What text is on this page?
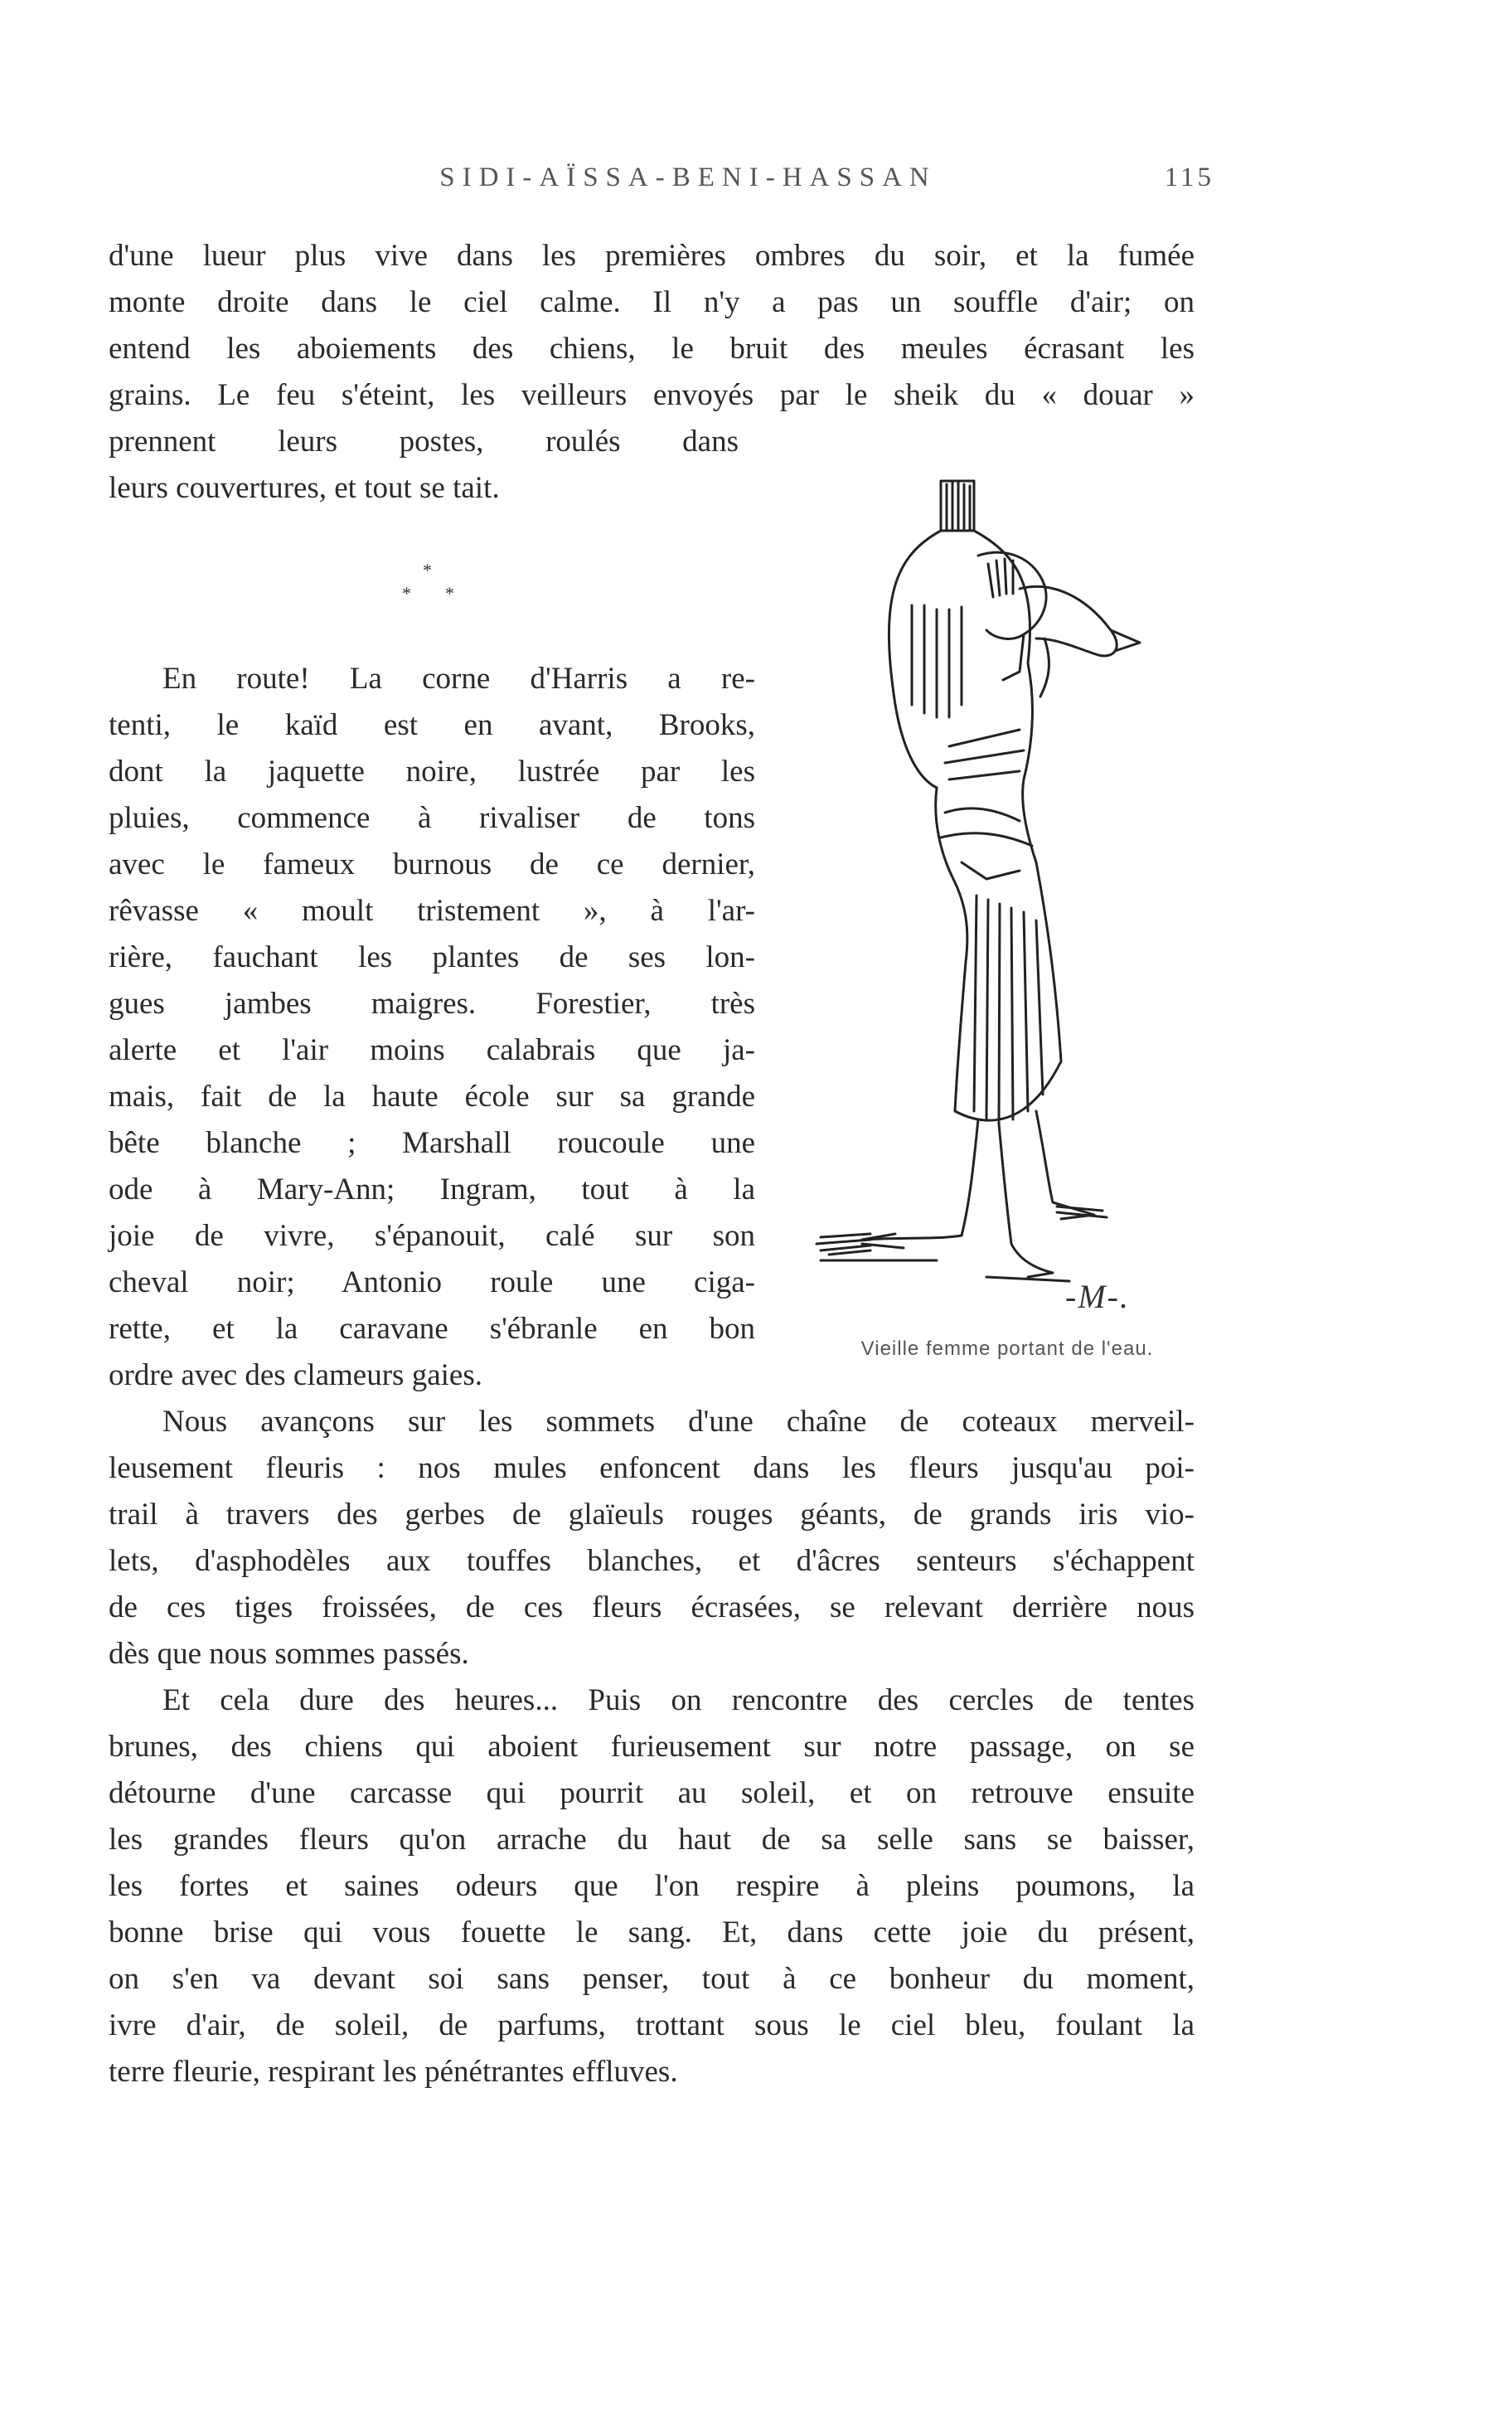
SIDI-AÏSSA-BENI-HASSAN	115
d'une lueur plus vive dans les premières ombres du soir, et la fumée
monte droite dans le ciel calme. Il n'y a pas un souffle d'air; on
entend les aboiements des chiens, le bruit des meules écrasant les
grains. Le feu s'éteint, les veilleurs envoyés par le sheik du « douar »
prennent leurs postes, roulés dans
leurs couvertures, et tout se tait.
*
* *
En route! La corne d'Harris a re-
tenti, le kaïd est en avant, Brooks,
dont la jaquette noire, lustrée par les
pluies, commence à rivaliser de tons
avec le fameux burnous de ce dernier,
rêvasse « moult tristement », à l'ar-
rière, fauchant les plantes de ses lon-
gues jambes maigres. Forestier, très
alerte et l'air moins calabrais que ja-
mais, fait de la haute école sur sa grande
bête blanche ; Marshall roucoule une
ode à Mary-Ann; Ingram, tout à la
joie de vivre, s'épanouit, calé sur son
cheval noir; Antonio roule une ciga-
rette, et la caravane s'ébranle en bon
ordre avec des clameurs gaies.
Nous avançons sur les sommets d'une chaîne de coteaux merveil-
leusement fleuris : nos mules enfoncent dans les fleurs jusqu'au poi-
trail à travers des gerbes de glaïeuls rouges géants, de grands iris vio-
lets, d'asphodèles aux touffes blanches, et d'âcres senteurs s'échappent
de ces tiges froissées, de ces fleurs écrasées, se relevant derrière nous
dès que nous sommes passés.
Et cela dure des heures... Puis on rencontre des cercles de tentes
brunes, des chiens qui aboient furieusement sur notre passage, on se
détourne d'une carcasse qui pourrit au soleil, et on retrouve ensuite
les grandes fleurs qu'on arrache du haut de sa selle sans se baisser,
les fortes et saines odeurs que l'on respire à pleins poumons, la
bonne brise qui vous fouette le sang. Et, dans cette joie du présent,
on s'en va devant soi sans penser, tout à ce bonheur du moment,
ivre d'air, de soleil, de parfums, trottant sous le ciel bleu, foulant la
terre fleurie, respirant les pénétrantes effluves.
-M-.
Vieille femme portant de l'eau.
